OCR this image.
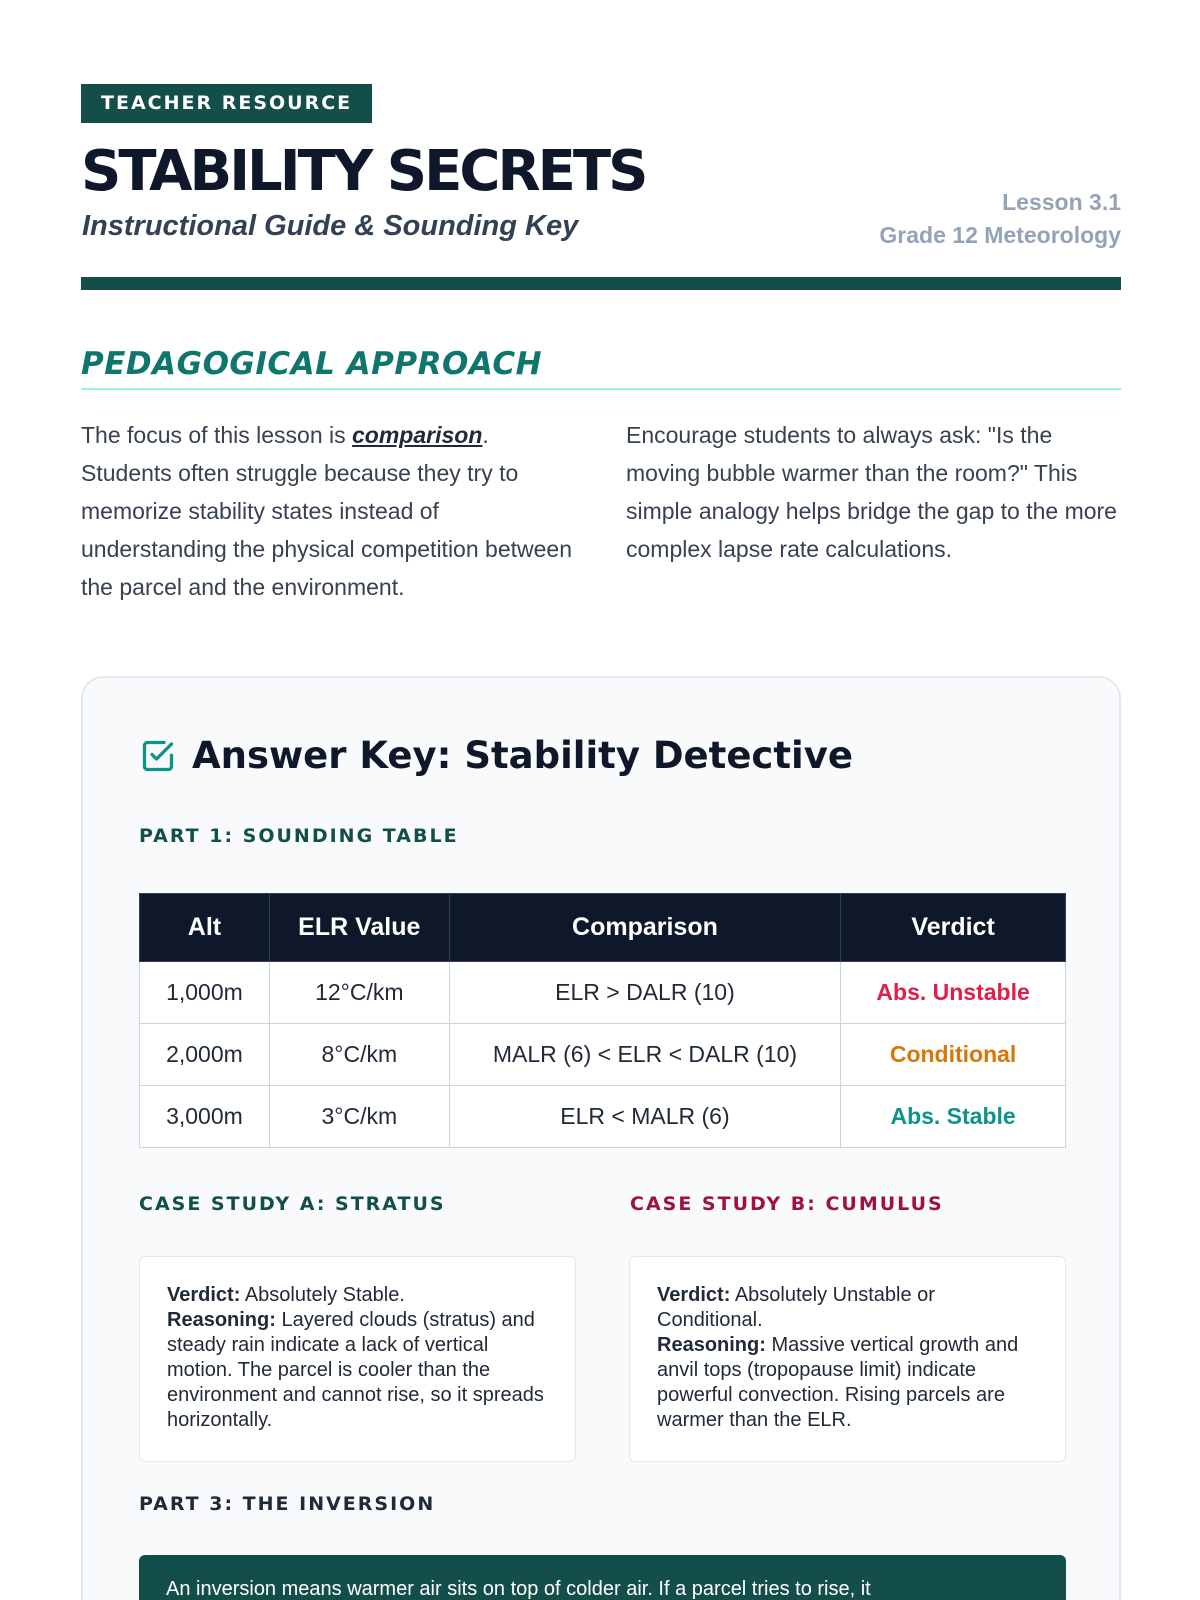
TEACHER RESOURCE
STABILITY SECRETS
Instructional Guide & Sounding Key
Lesson 3.1
Grade 12 Meteorology
PEDAGOGICAL APPROACH

The focus of this lesson is comparison. Students often struggle because they try to memorize stability states instead of understanding the physical competition between the parcel and the environment.

Encourage students to always ask: "Is the moving bubble warmer than the room?" This simple analogy helps bridge the gap to the more complex lapse rate calculations.

Answer Key: Stability Detective
PART 1: SOUNDING TABLE
Alt	ELR Value	Comparison	Verdict
1,000m	12°C/km	ELR > DALR (10)	Abs. Unstable
2,000m	8°C/km	MALR (6) < ELR < DALR (10)	Conditional
3,000m	3°C/km	ELR < MALR (6)	Abs. Stable
CASE STUDY A: STRATUS	CASE STUDY B: CUMULUS
Verdict: Absolutely Stable.
Reasoning: Layered clouds (stratus) and steady rain indicate a lack of vertical motion. The parcel is cooler than the environment and cannot rise, so it spreads horizontally.
Verdict: Absolutely Unstable or Conditional.
Reasoning: Massive vertical growth and anvil tops (tropopause limit) indicate powerful convection. Rising parcels are warmer than the ELR.
PART 3: THE INVERSION
An inversion means warmer air sits on top of colder air. If a parcel tries to rise, it
